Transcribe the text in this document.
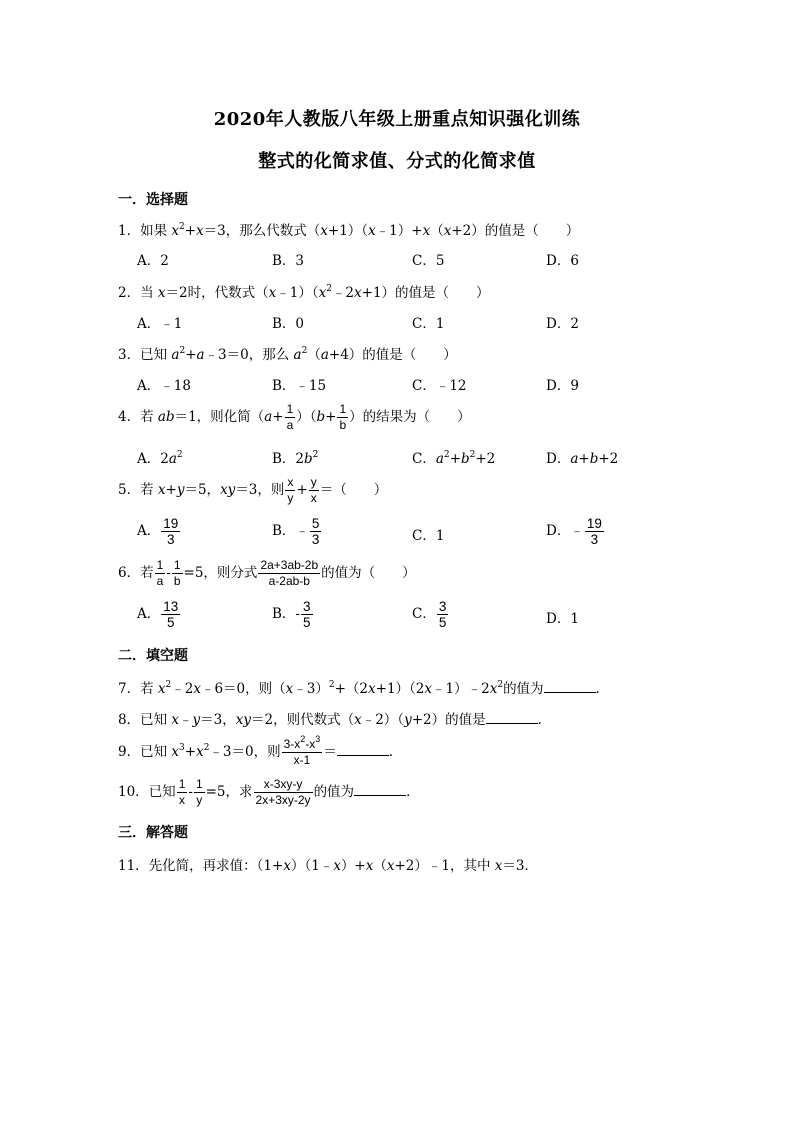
2020年人教版八年级上册重点知识强化训练
整式的化简求值、分式的化简求值
一．选择题
1．如果 $x^2+x=3$，那么代数式（x+1）（x﹣1）+x（x+2）的值是（　　）
A．2	B．3	C．5	D．6
2．当 x＝2时，代数式$(x﹣1)(x^2﹣2x+1)$的值是（　　）
A．﹣1	B．0	C．1	D．2
3．已知 $a^2+a﹣3=0$，那么 $a^2(a+4)$的值是（　　）
A．﹣18	B．﹣15	C．﹣12	D．9
4．若 ab＝1，则化简$(a+ \frac{1}{a} )(b+ \frac{1}{b}$ ）的结果为（　　）
A．$2a^2$	B．$2b^2$	C．$a^2+b^2+2$	D．a+b+2
5．若 x+y＝5，xy＝3，则 $\frac{x}{y} + \frac{y}{x}$ ＝（　　）
A． $\frac{19}{3}$	B．﹣ $\frac{5}{3}$	C．1	D．﹣ $\frac{19}{3}$
6．若 $\frac{1}{a} - \frac{1}{b} =5$，则分式 $\frac{2a+3ab-2b}{a-2ab-b}$ 的值为（　　）
A． $\frac{13}{5}$	B．- $\frac{3}{5}$	C． $\frac{3}{5}$	D．1
二．填空题
7．若 $x^2﹣2x﹣6=0$，则$(x﹣3)^2+(2x+1)(2x﹣1)﹣2x^2$的值为	．
8．已知 x﹣y＝3，xy＝2，则代数式（x﹣2）（y+2）的值是	．
9．已知 $x^3+x^2﹣3=0$，则 $\frac{3-x^2-x^3}{x-1}$ ＝	．
10．已知 $\frac{1}{x} - \frac{1}{y} =5$，求 $\frac{x-3xy-y}{2x+3xy-2y}$ 的值为	．
三．解答题
11．先化简，再求值：（1+x）（1﹣x）+x（x+2）﹣1，其中 x＝3．
